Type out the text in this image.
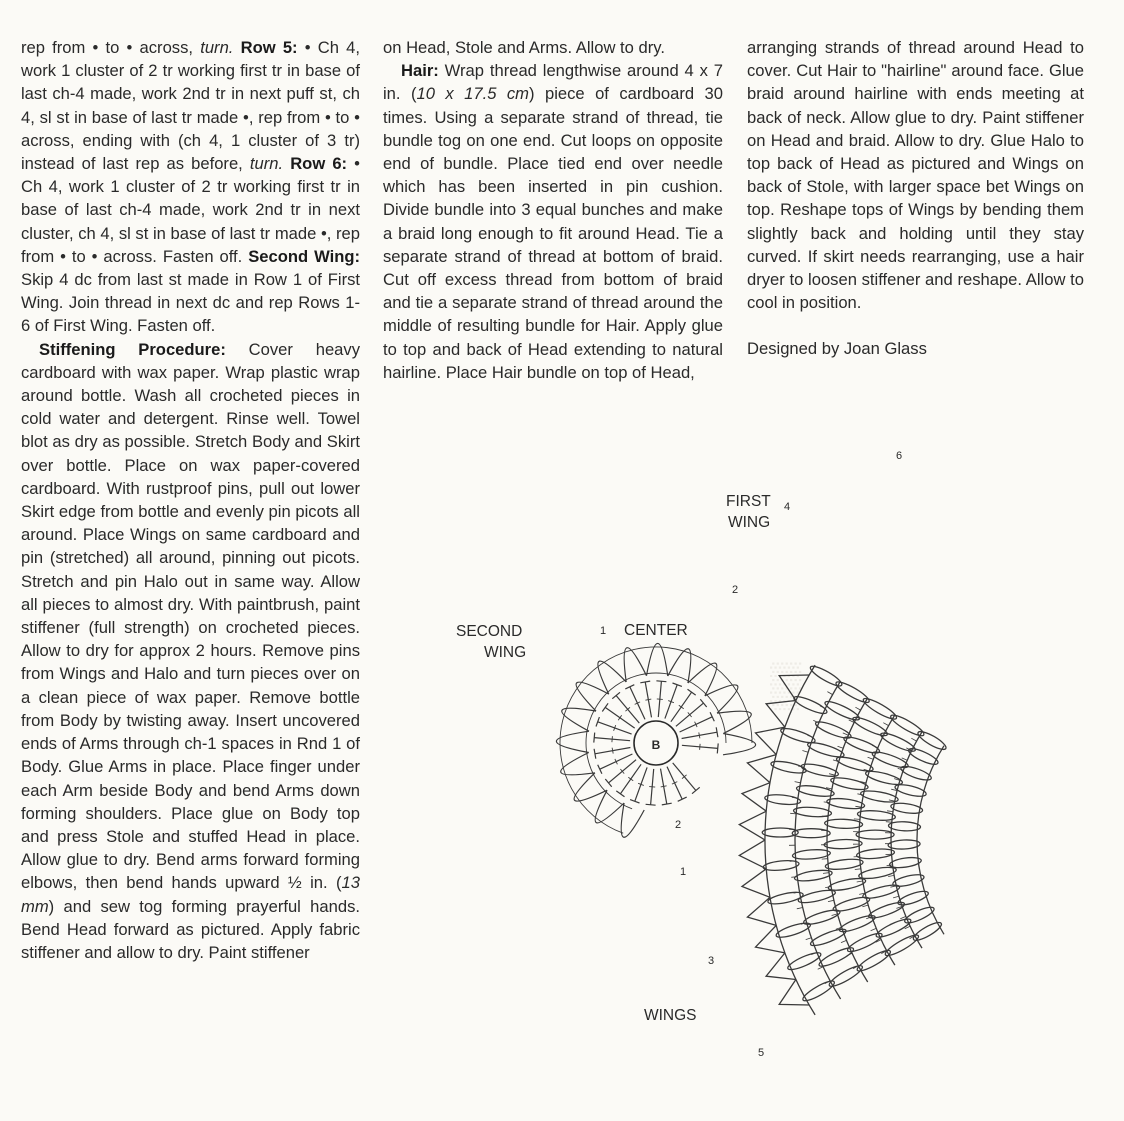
rep from • to • across, turn. Row 5: • Ch 4, work 1 cluster of 2 tr working first tr in base of last ch-4 made, work 2nd tr in next puff st, ch 4, sl st in base of last tr made •, rep from • to • across, ending with (ch 4, 1 cluster of 3 tr) instead of last rep as before, turn. Row 6: • Ch 4, work 1 cluster of 2 tr working first tr in base of last ch-4 made, work 2nd tr in next cluster, ch 4, sl st in base of last tr made •, rep from • to • across. Fasten off. Second Wing: Skip 4 dc from last st made in Row 1 of First Wing. Join thread in next dc and rep Rows 1-6 of First Wing. Fasten off.

Stiffening Procedure: Cover heavy cardboard with wax paper. Wrap plastic wrap around bottle. Wash all crocheted pieces in cold water and detergent. Rinse well. Towel blot as dry as possible. Stretch Body and Skirt over bottle. Place on wax paper-covered cardboard. With rustproof pins, pull out lower Skirt edge from bottle and evenly pin picots all around. Place Wings on same cardboard and pin (stretched) all around, pinning out picots. Stretch and pin Halo out in same way. Allow all pieces to almost dry. With paintbrush, paint stiffener (full strength) on crocheted pieces. Allow to dry for approx 2 hours. Remove pins from Wings and Halo and turn pieces over on a clean piece of wax paper. Remove bottle from Body by twisting away. Insert uncovered ends of Arms through ch-1 spaces in Rnd 1 of Body. Glue Arms in place. Place finger under each Arm beside Body and bend Arms down forming shoulders. Place glue on Body top and press Stole and stuffed Head in place. Allow glue to dry. Bend arms forward forming elbows, then bend hands upward ½ in. (13 mm) and sew tog forming prayerful hands. Bend Head forward as pictured. Apply fabric stiffener and allow to dry. Paint stiffener

on Head, Stole and Arms. Allow to dry.

Hair: Wrap thread lengthwise around 4 x 7 in. (10 x 17.5 cm) piece of cardboard 30 times. Using a separate strand of thread, tie bundle tog on one end. Cut loops on opposite end of bundle. Place tied end over needle which has been inserted in pin cushion. Divide bundle into 3 equal bunches and make a braid long enough to fit around Head. Tie a separate strand of thread at bottom of braid. Cut off excess thread from bottom of braid and tie a separate strand of thread around the middle of resulting bundle for Hair. Apply glue to top and back of Head extending to natural hairline. Place Hair bundle on top of Head,

arranging strands of thread around Head to cover. Cut Hair to "hairline" around face. Glue braid around hairline with ends meeting at back of neck. Allow glue to dry. Paint stiffener on Head and braid. Allow to dry. Glue Halo to top back of Head as pictured and Wings on back of Stole, with larger space bet Wings on top. Reshape tops of Wings by bending them slightly back and holding until they stay curved. If skirt needs rearranging, use a hair dryer to loosen stiffener and reshape. Allow to cool in position.

Designed by Joan Glass

▒
B
FIRST
WING
SECOND
WING
CENTER
WINGS
1
1
2
2
3
4
5
6
